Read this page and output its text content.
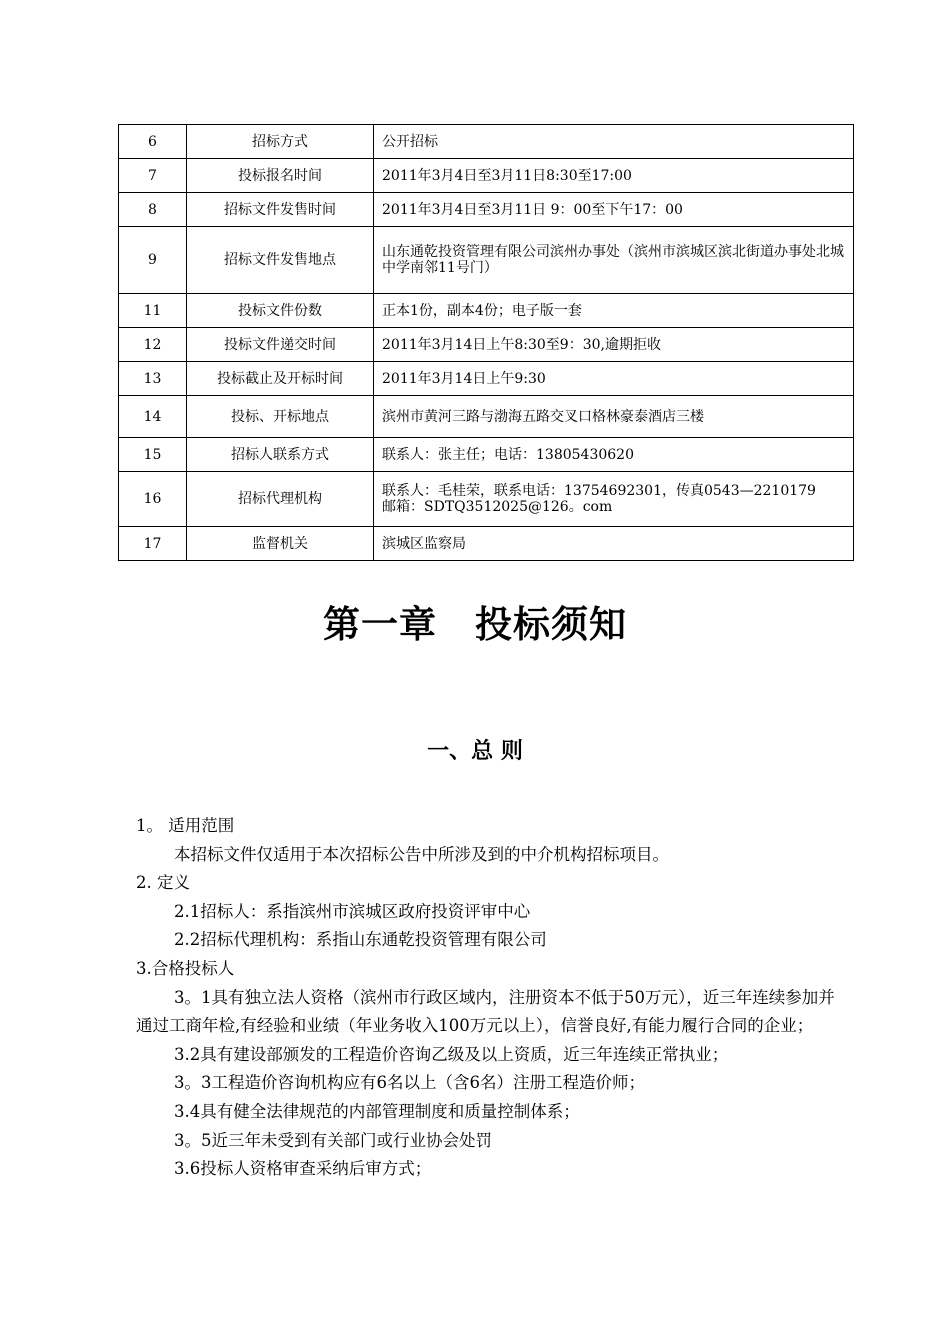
6	招标方式	公开招标
7	投标报名时间	2011年3月4日至3月11日8:30至17:00
8	招标文件发售时间	2011年3月4日至3月11日 9：00至下午17：00
9	招标文件发售地点	山东通乾投资管理有限公司滨州办事处（滨州市滨城区滨北街道办事处北城中学南邻11号门）
11	投标文件份数	正本1份，副本4份；电子版一套
12	投标文件递交时间	2011年3月14日上午8:30至9：30,逾期拒收
13	投标截止及开标时间	2011年3月14日上午9:30
14	投标、开标地点	滨州市黄河三路与渤海五路交叉口格林豪泰酒店三楼
15	招标人联系方式	联系人：张主任；电话：13805430620
16	招标代理机构	联系人：毛桂荣，联系电话：13754692301，传真0543—2210179
邮箱：SDTQ3512025@126。com
17	监督机关	滨城区监察局
第一章 投标须知
一、总 则

1。 适用范围

本招标文件仅适用于本次招标公告中所涉及到的中介机构招标项目。

2. 定义

2.1招标人：系指滨州市滨城区政府投资评审中心

2.2招标代理机构：系指山东通乾投资管理有限公司

3.合格投标人

3。1具有独立法人资格（滨州市行政区域内，注册资本不低于50万元），近三年连续参加并通过工商年检,有经验和业绩（年业务收入100万元以上），信誉良好,有能力履行合同的企业；

3.2具有建设部颁发的工程造价咨询乙级及以上资质，近三年连续正常执业；

3。3工程造价咨询机构应有6名以上（含6名）注册工程造价师；

3.4具有健全法律规范的内部管理制度和质量控制体系；

3。5近三年未受到有关部门或行业协会处罚

3.6投标人资格审查采纳后审方式；
